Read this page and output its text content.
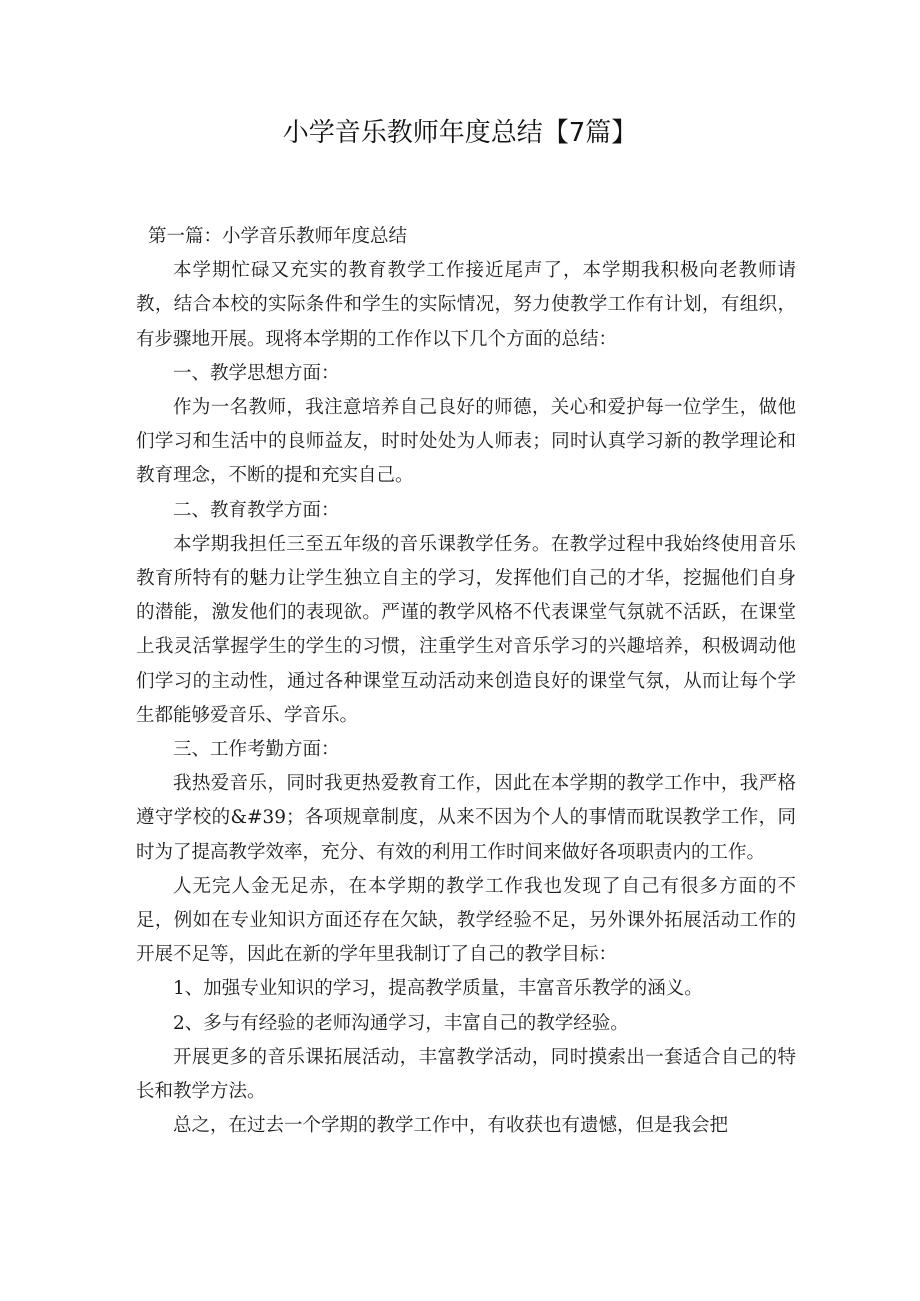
小学音乐教师年度总结【7篇】

第一篇：小学音乐教师年度总结

本学期忙碌又充实的教育教学工作接近尾声了，本学期我积极向老教师请教，结合本校的实际条件和学生的实际情况，努力使教学工作有计划，有组织，有步骤地开展。现将本学期的工作作以下几个方面的总结：

一、教学思想方面：

作为一名教师，我注意培养自己良好的师德，关心和爱护每一位学生，做他们学习和生活中的良师益友，时时处处为人师表；同时认真学习新的教学理论和教育理念，不断的提和充实自己。

二、教育教学方面：

本学期我担任三至五年级的音乐课教学任务。在教学过程中我始终使用音乐教育所特有的魅力让学生独立自主的学习，发挥他们自己的才华，挖掘他们自身的潜能，激发他们的表现欲。严谨的教学风格不代表课堂气氛就不活跃，在课堂上我灵活掌握学生的学生的习惯，注重学生对音乐学习的兴趣培养，积极调动他们学习的主动性，通过各种课堂互动活动来创造良好的课堂气氛，从而让每个学生都能够爱音乐、学音乐。

三、工作考勤方面：

我热爱音乐，同时我更热爱教育工作，因此在本学期的教学工作中，我严格遵守学校的&#39；各项规章制度，从来不因为个人的事情而耽误教学工作，同时为了提高教学效率，充分、有效的利用工作时间来做好各项职责内的工作。

人无完人金无足赤，在本学期的教学工作我也发现了自己有很多方面的不足，例如在专业知识方面还存在欠缺，教学经验不足，另外课外拓展活动工作的开展不足等，因此在新的学年里我制订了自己的教学目标：

1、加强专业知识的学习，提高教学质量，丰富音乐教学的涵义。

2、多与有经验的老师沟通学习，丰富自己的教学经验。

开展更多的音乐课拓展活动，丰富教学活动，同时摸索出一套适合自己的特长和教学方法。

总之，在过去一个学期的教学工作中，有收获也有遗憾，但是我会把
